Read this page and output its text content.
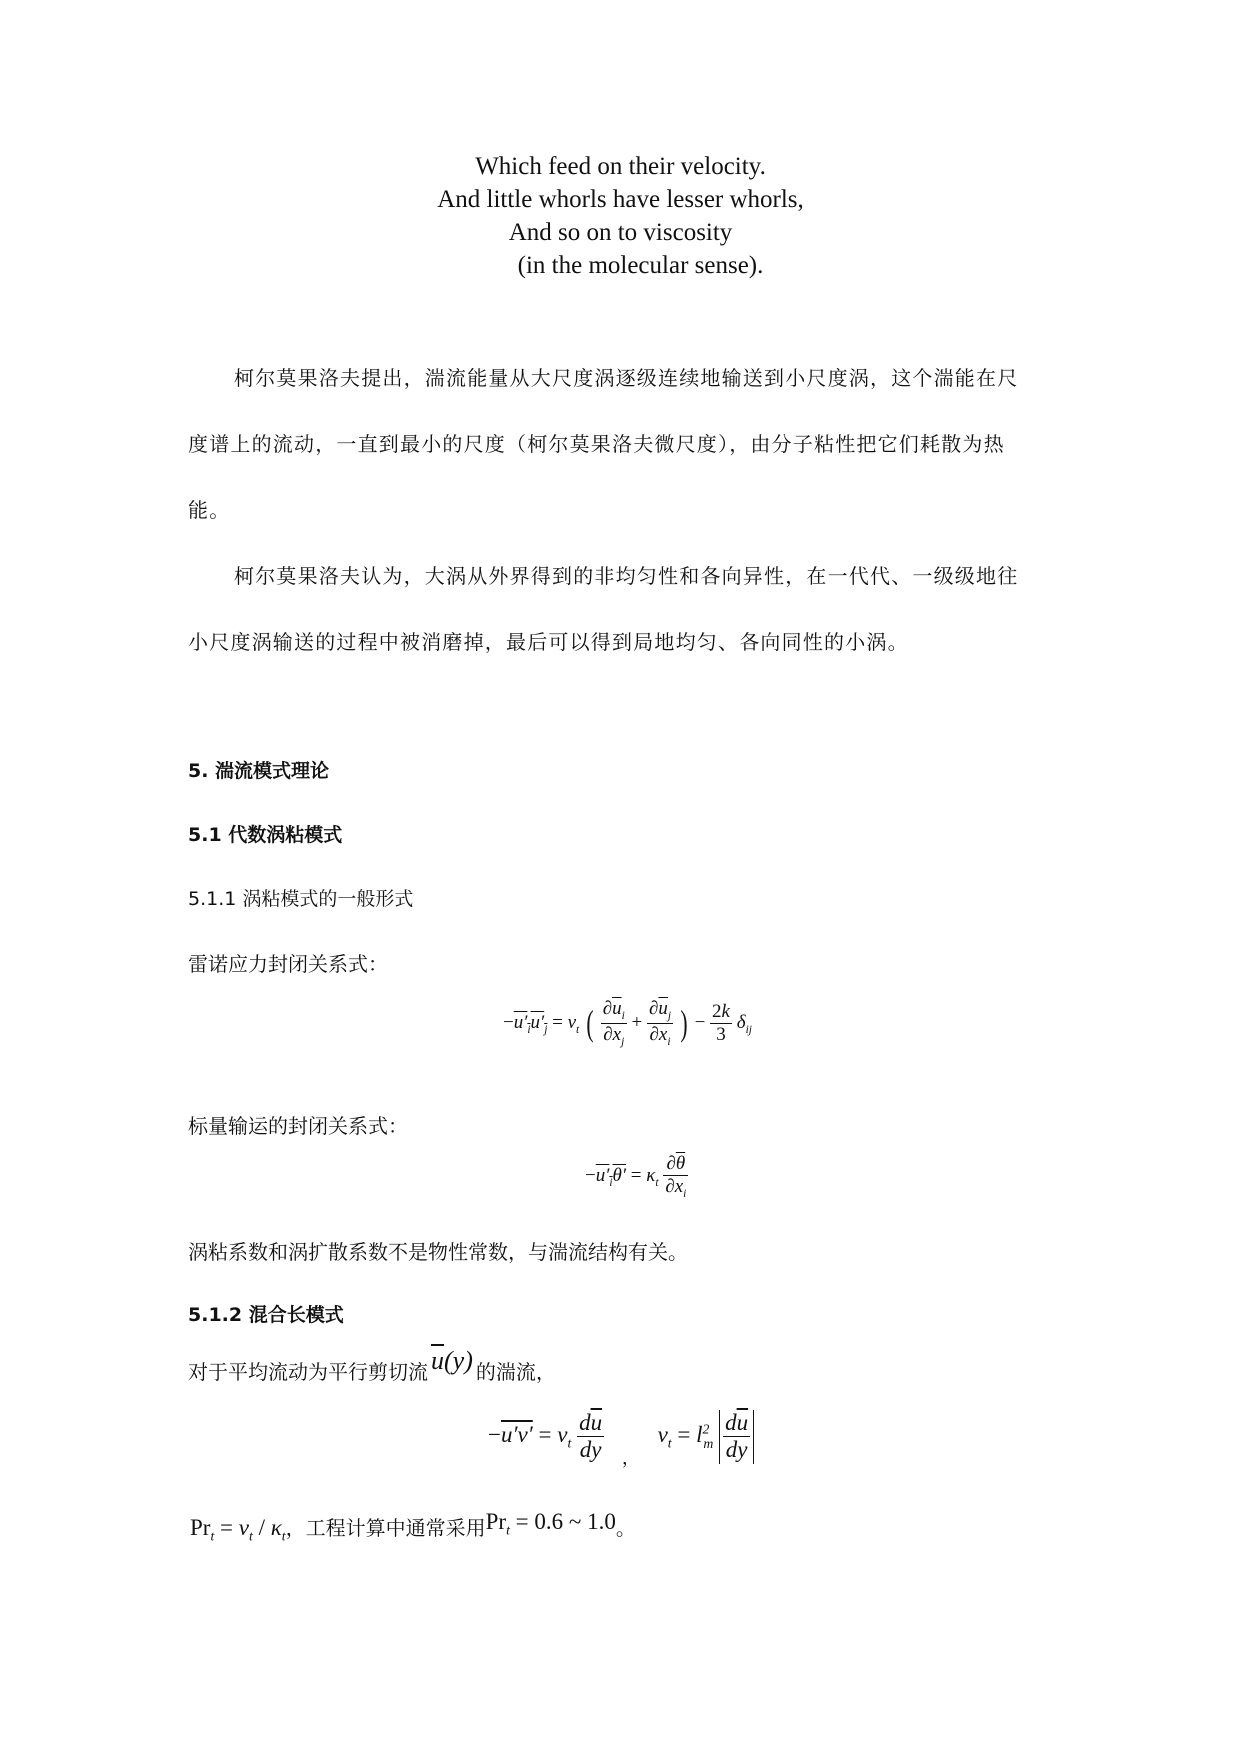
Which feed on their velocity.
And little whorls have lesser whorls,
And so on to viscosity
(in the molecular sense).
柯尔莫果洛夫提出，湍流能量从大尺度涡逐级连续地输送到小尺度涡，这个湍能在尺
度谱上的流动，一直到最小的尺度（柯尔莫果洛夫微尺度），由分子粘性把它们耗散为热
能。
柯尔莫果洛夫认为，大涡从外界得到的非均匀性和各向异性，在一代代、一级级地往
小尺度涡输送的过程中被消磨掉，最后可以得到局地均匀、各向同性的小涡。
5. 湍流模式理论
5.1 代数涡粘模式
5.1.1 涡粘模式的一般形式
雷诺应力封闭关系式：
$-u'_iu'_j = \nu_t$ ( $\frac{\partial\overline{u}_i}{\partial x_j} + \frac{\partial\overline{u}_j}{\partial x_i}$ ) − $\frac{2k}{3} \delta_{ij}$
标量输运的封闭关系式：
$-u'_i\theta' = \kappa_t \frac{\partial\overline{\theta}}{\partial x_i}$
涡粘系数和涡扩散系数不是物性常数，与湍流结构有关。
5.1.2 混合长模式
对于平均流动为平行剪切流 $\overline{u}(y)$ 的湍流，
$-u'v' = \nu_t \frac{d\overline{u}}{dy} _,$ $\nu_t = l^2_m \frac{d\overline{u}}{dy}$
$Pr_t = \nu_t / \kappa_t$，工程计算中通常采用$Pr_t = 0.6$ ~ 1.0。
